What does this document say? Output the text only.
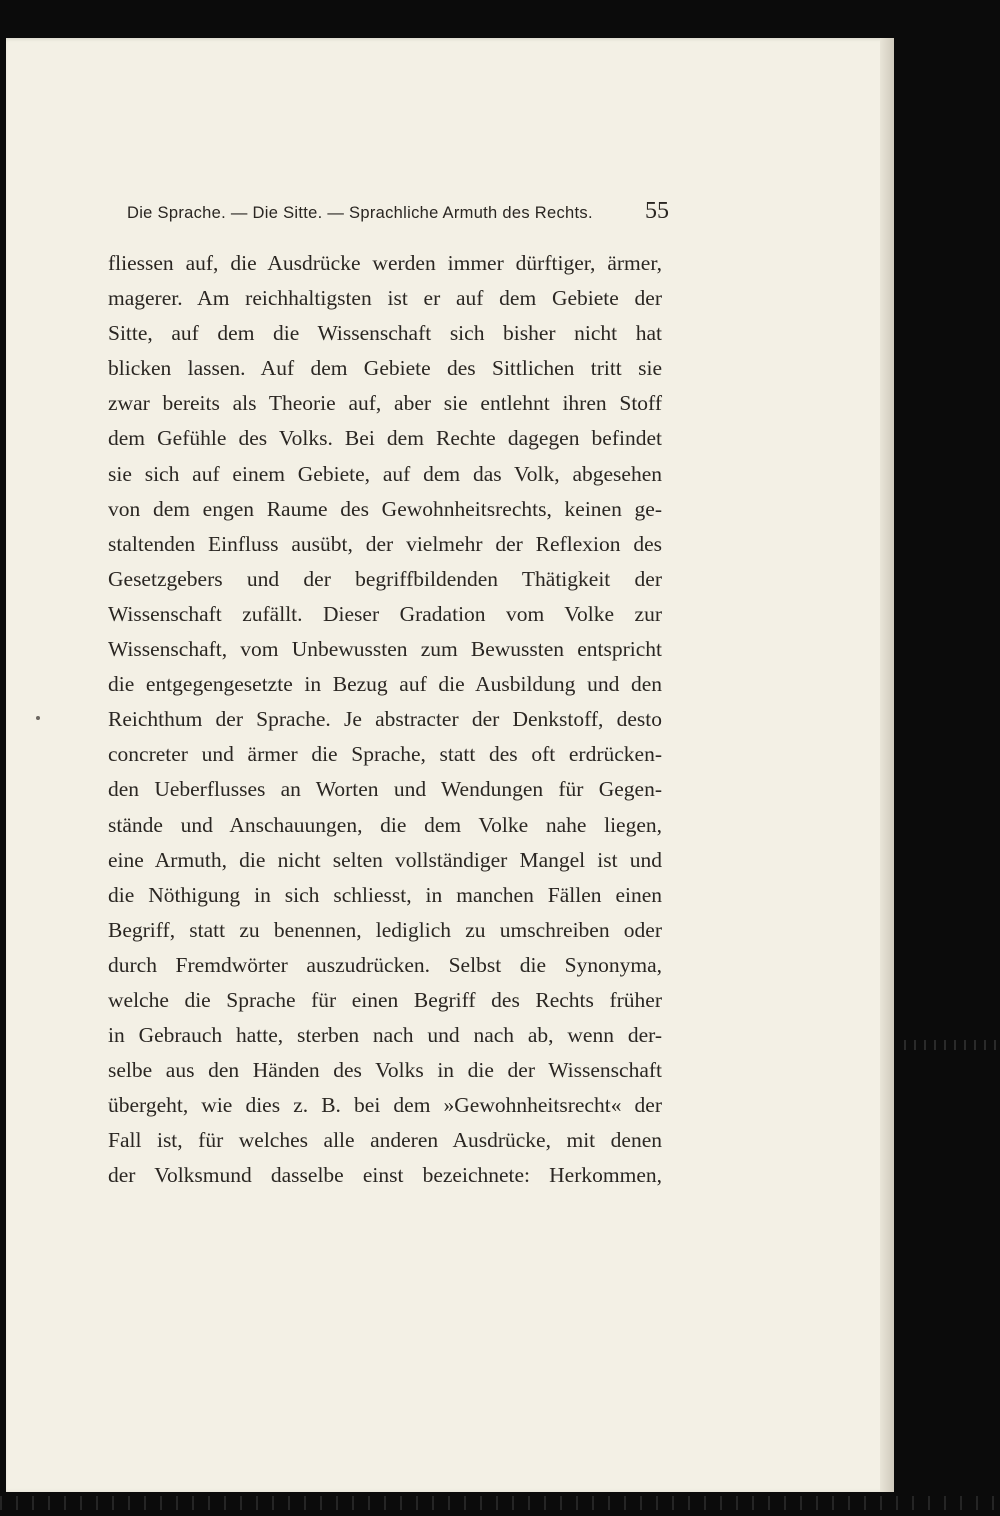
Die Sprache. — Die Sitte. — Sprachliche Armuth des Rechts. 55
fliessen auf, die Ausdrücke werden immer dürftiger, ärmer,
magerer. Am reichhaltigsten ist er auf dem Gebiete der
Sitte, auf dem die Wissenschaft sich bisher nicht hat
blicken lassen. Auf dem Gebiete des Sittlichen tritt sie
zwar bereits als Theorie auf, aber sie entlehnt ihren Stoff
dem Gefühle des Volks. Bei dem Rechte dagegen befindet
sie sich auf einem Gebiete, auf dem das Volk, abgesehen
von dem engen Raume des Gewohnheitsrechts, keinen ge-
staltenden Einfluss ausübt, der vielmehr der Reflexion des
Gesetzgebers und der begriffbildenden Thätigkeit der
Wissenschaft zufällt. Dieser Gradation vom Volke zur
Wissenschaft, vom Unbewussten zum Bewussten entspricht
die entgegengesetzte in Bezug auf die Ausbildung und den
Reichthum der Sprache. Je abstracter der Denkstoff, desto
concreter und ärmer die Sprache, statt des oft erdrücken-
den Ueberflusses an Worten und Wendungen für Gegen-
stände und Anschauungen, die dem Volke nahe liegen,
eine Armuth, die nicht selten vollständiger Mangel ist und
die Nöthigung in sich schliesst, in manchen Fällen einen
Begriff, statt zu benennen, lediglich zu umschreiben oder
durch Fremdwörter auszudrücken. Selbst die Synonyma,
welche die Sprache für einen Begriff des Rechts früher
in Gebrauch hatte, sterben nach und nach ab, wenn der-
selbe aus den Händen des Volks in die der Wissenschaft
übergeht, wie dies z. B. bei dem »Gewohnheitsrecht« der
Fall ist, für welches alle anderen Ausdrücke, mit denen
der Volksmund dasselbe einst bezeichnete: Herkommen,
